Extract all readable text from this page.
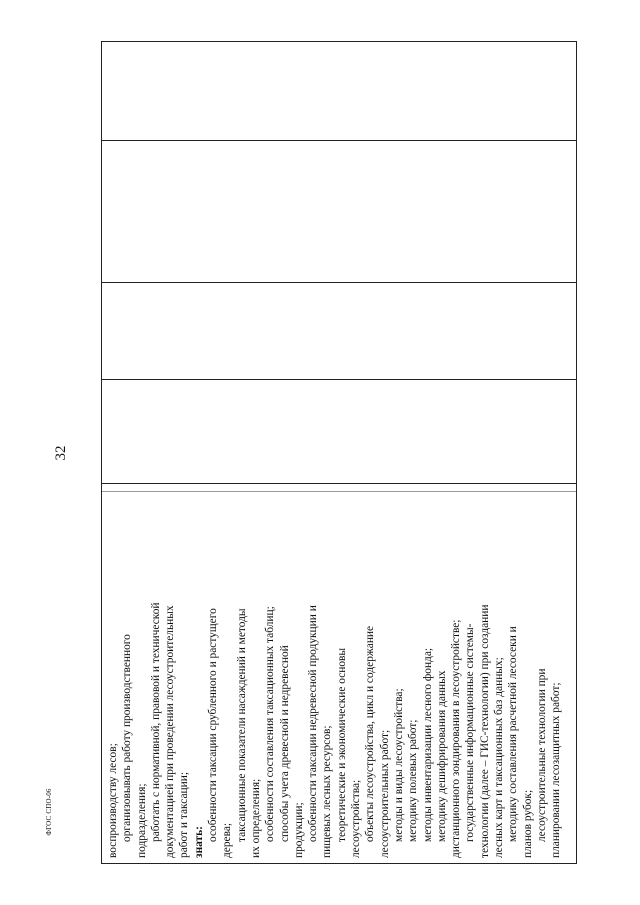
воспроизводству лесов; организовывать работу производственного подразделения; работать с нормативной, правовой и технической документацией при проведении лесоустроительных работ и таксации; знать:
особенности таксации срубленного и растущего дерева; таксационные показатели насаждений и методы их определения; особенности составления таксационных таблиц; способы учета древесной и недревесной продукции; особенности таксации недревесной продукции и пищевых лесных ресурсов; теоретические и экономические основы лесоустройства; объекты лесоустройства, цикл и содержание лесоустроительных работ; методы и виды лесоустройства; методику полевых работ; методы инвентаризации лесного фонда; методику дешифрирования данных дистанционного зондирования в лесоустройстве; государственные информационные системы- технологии (далее – ГИС-технологии) при создании лесных карт и таксационных баз данных; методику составления расчетной лесосеки и планов рубок; лесоустроительные технологии при планировании лесозащитных работ;
32
ФГОС СПО-06
